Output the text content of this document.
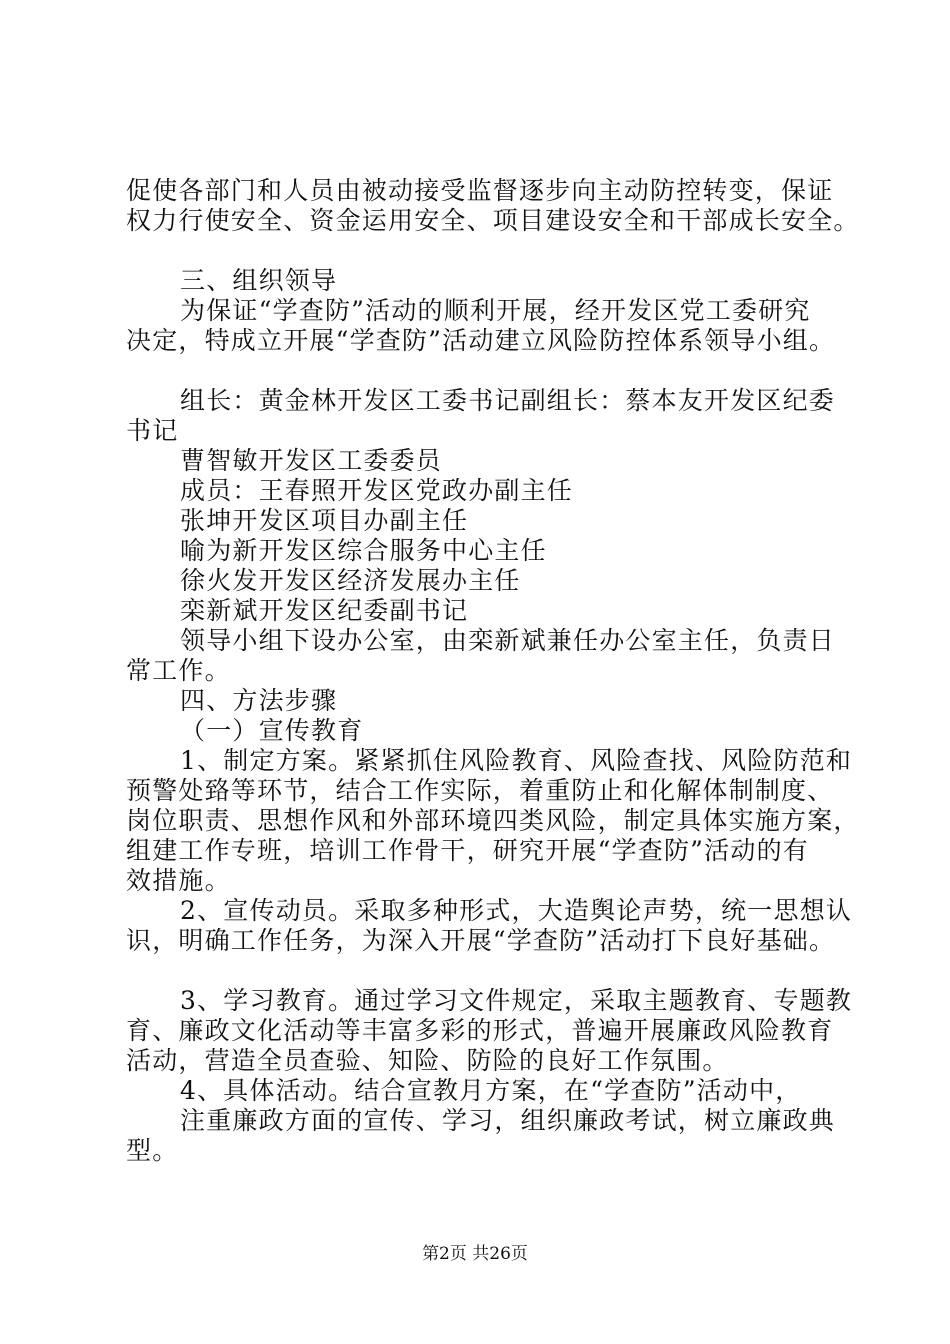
促使各部门和人员由被动接受监督逐步向主动防控转变，保证
权力行使安全、资金运用安全、项目建设安全和干部成长安全。
三、组织领导
为保证“学查防”活动的顺利开展，经开发区党工委研究
决定，特成立开展“学查防”活动建立风险防控体系领导小组。
组长：黄金林开发区工委书记副组长：蔡本友开发区纪委
书记
曹智敏开发区工委委员
成员：王春照开发区党政办副主任
张坤开发区项目办副主任
喻为新开发区综合服务中心主任
徐火发开发区经济发展办主任
栾新斌开发区纪委副书记
领导小组下设办公室，由栾新斌兼任办公室主任，负责日
常工作。
四、方法步骤
（一）宣传教育
1、制定方案。紧紧抓住风险教育、风险查找、风险防范和
预警处臵等环节，结合工作实际，着重防止和化解体制制度、
岗位职责、思想作风和外部环境四类风险，制定具体实施方案，
组建工作专班，培训工作骨干，研究开展“学查防”活动的有
效措施。
2、宣传动员。采取多种形式，大造舆论声势，统一思想认
识，明确工作任务，为深入开展“学查防”活动打下良好基础。
3、学习教育。通过学习文件规定，采取主题教育、专题教
育、廉政文化活动等丰富多彩的形式，普遍开展廉政风险教育
活动，营造全员查验、知险、防险的良好工作氛围。
4、具体活动。结合宣教月方案，在“学查防”活动中，
注重廉政方面的宣传、学习，组织廉政考试，树立廉政典
型。
第2页 共26页
